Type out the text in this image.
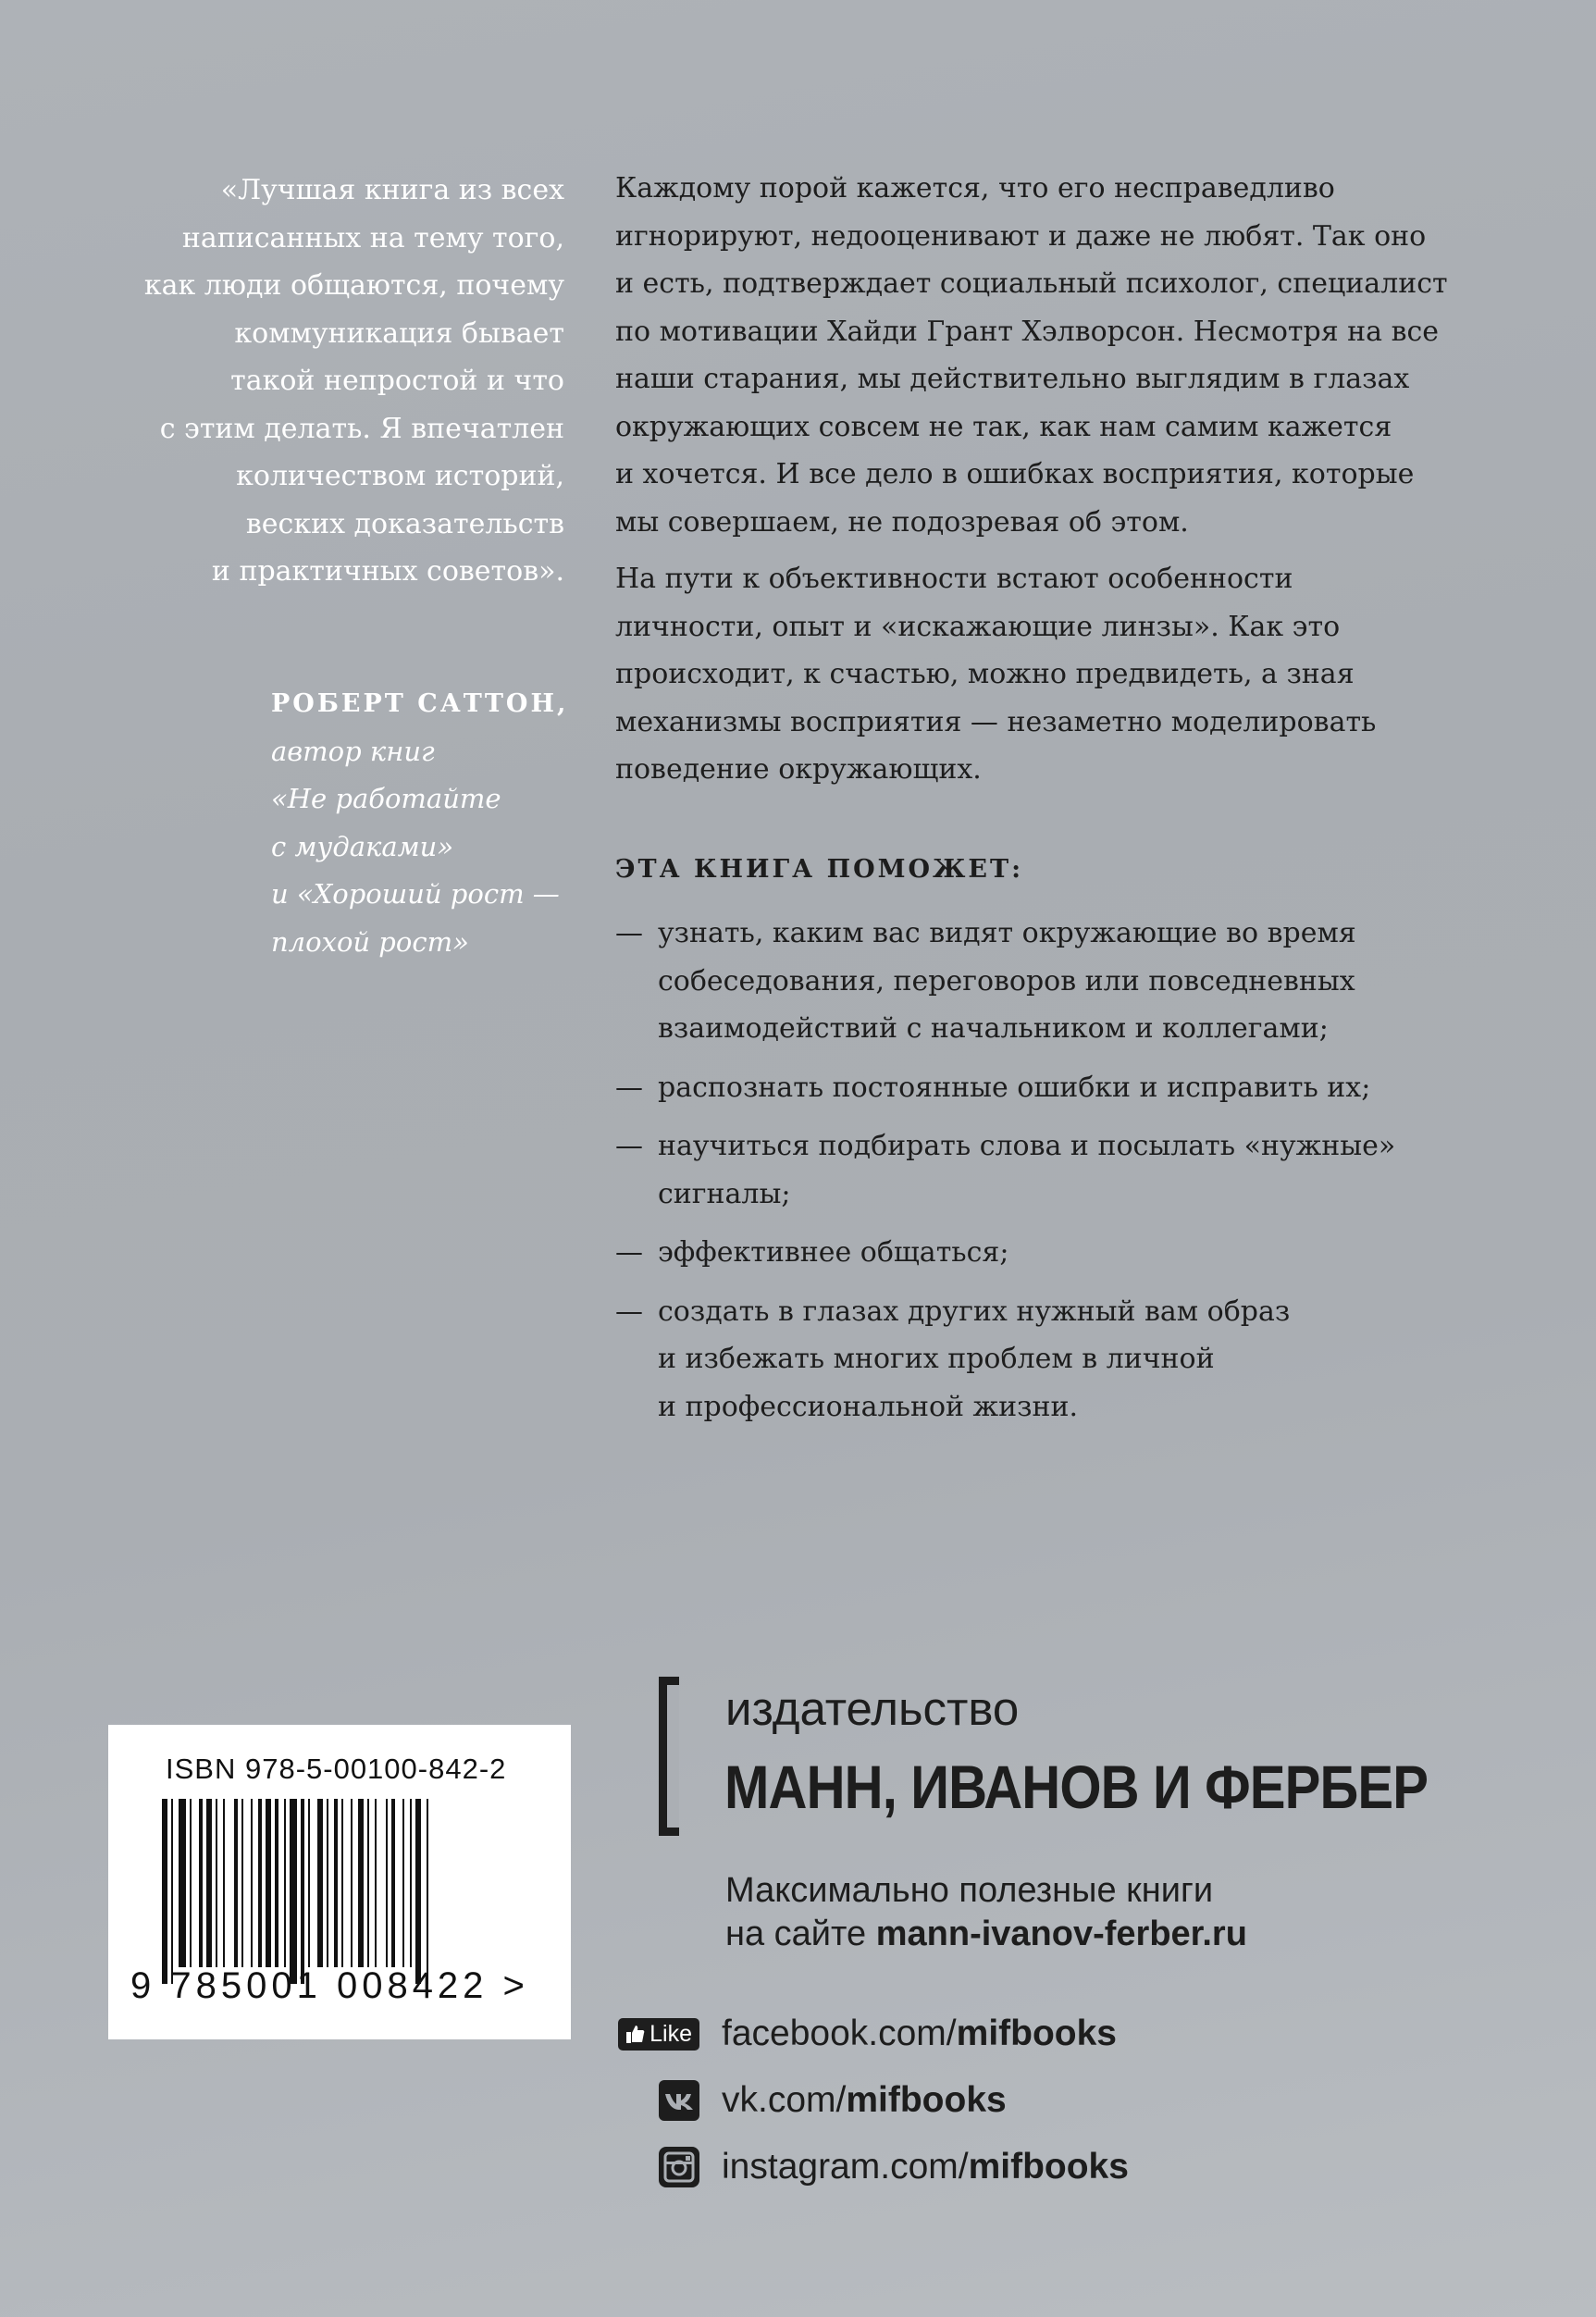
«Лучшая книга из всех
написанных на тему того,
как люди общаются, почему
коммуникация бывает
такой непростой и что
с этим делать. Я впечатлен
количеством историй,
веских доказательств
и практичных советов».
РОБЕРТ САТТОН,
автор книг
«Не работайте
с мудаками»
и «Хороший рост —
плохой рост»

Каждому порой кажется, что его несправедливо
игнорируют, недооценивают и даже не любят. Так оно
и есть, подтверждает социальный психолог, специалист
по мотивации Хайди Грант Хэлворсон. Несмотря на все
наши старания, мы действительно выглядим в глазах
окружающих совсем не так, как нам самим кажется
и хочется. И все дело в ошибках восприятия, которые
мы совершаем, не подозревая об этом.

На пути к объективности встают особенности
личности, опыт и «искажающие линзы». Как это
происходит, к счастью, можно предвидеть, а зная
механизмы восприятия — незаметно моделировать
поведение окружающих.

ЭТА КНИГА ПОМОЖЕТ:
— узнать, каким вас видят окружающие во время
собеседования, переговоров или повседневных
взаимодействий с начальником и коллегами;
— распознать постоянные ошибки и исправить их;
— научиться подбирать слова и посылать «нужные»
сигналы;
— эффективнее общаться;
— создать в глазах других нужный вам образ
и избежать многих проблем в личной
и профессиональной жизни.
ISBN 978-5-00100-842-2
9 785001 008422 >
издательство
МАНН, ИВАНОВ И ФЕРБЕР
Максимально полезные книги
на сайте mann-ivanov-ferber.ru
Like facebook.com/mifbooks
vk.com/mifbooks
instagram.com/mifbooks
